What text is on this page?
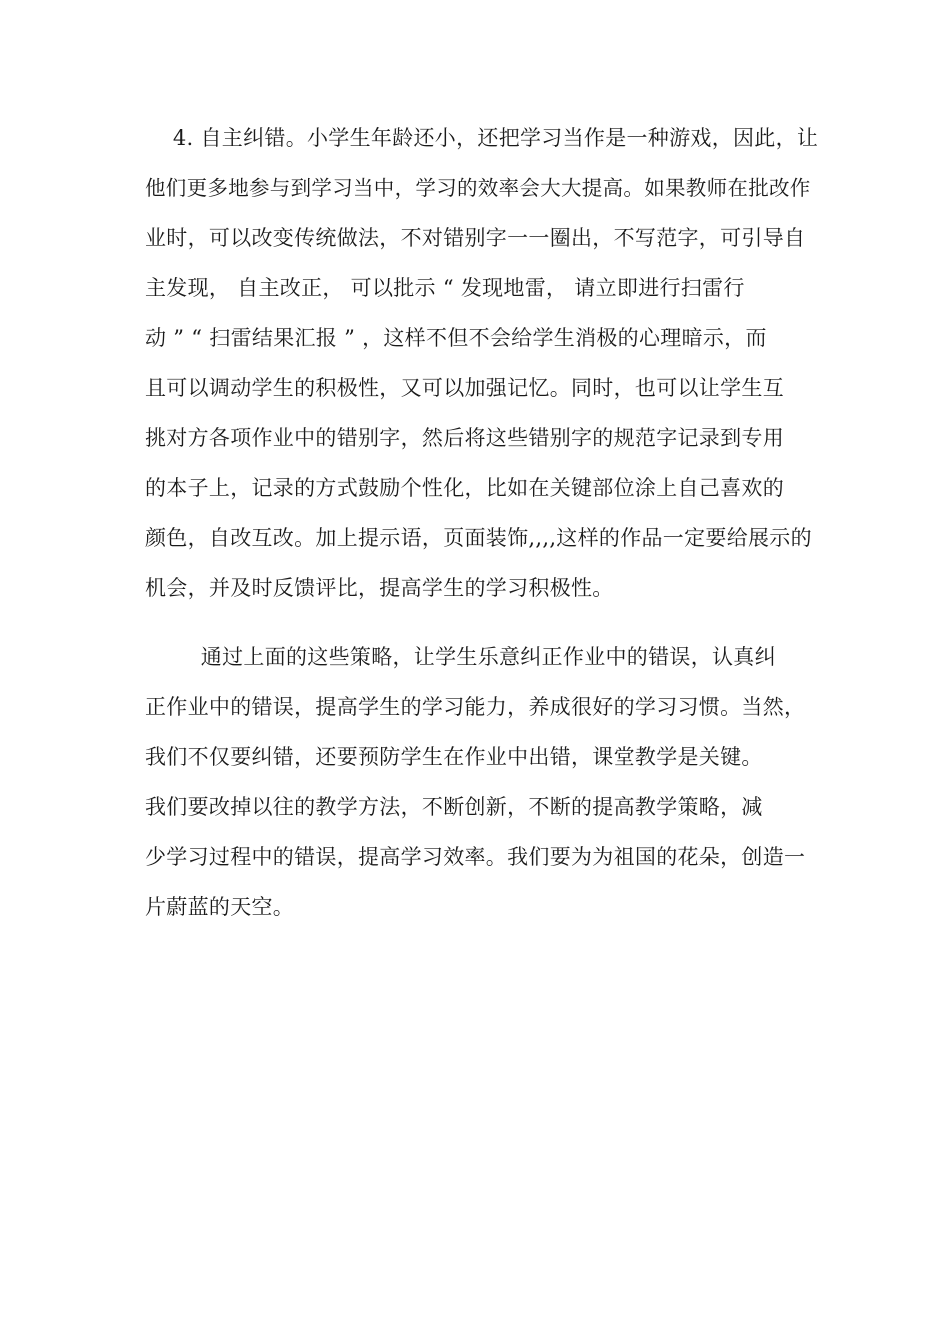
4. 自主纠错。小学生年龄还小，还把学习当作是一种游戏，因此，让
他们更多地参与到学习当中，学习的效率会大大提高。如果教师在批改作
业时，可以改变传统做法，不对错别字一一圈出，不写范字，可引导自
主发现， 自主改正， 可以批示 “ 发现地雷， 请立即进行扫雷行
动 ” “ 扫雷结果汇报 ” ，这样不但不会给学生消极的心理暗示，而
且可以调动学生的积极性，又可以加强记忆。同时，也可以让学生互
挑对方各项作业中的错别字，然后将这些错别字的规范字记录到专用
的本子上，记录的方式鼓励个性化，比如在关键部位涂上自己喜欢的
颜色，自改互改。加上提示语，页面装饰,,,,这样的作品一定要给展示的
机会，并及时反馈评比，提高学生的学习积极性。
通过上面的这些策略，让学生乐意纠正作业中的错误，认真纠
正作业中的错误，提高学生的学习能力，养成很好的学习习惯。当然，
我们不仅要纠错，还要预防学生在作业中出错，课堂教学是关键。
我们要改掉以往的教学方法，不断创新，不断的提高教学策略，减
少学习过程中的错误，提高学习效率。我们要为为祖国的花朵，创造一
片蔚蓝的天空。
